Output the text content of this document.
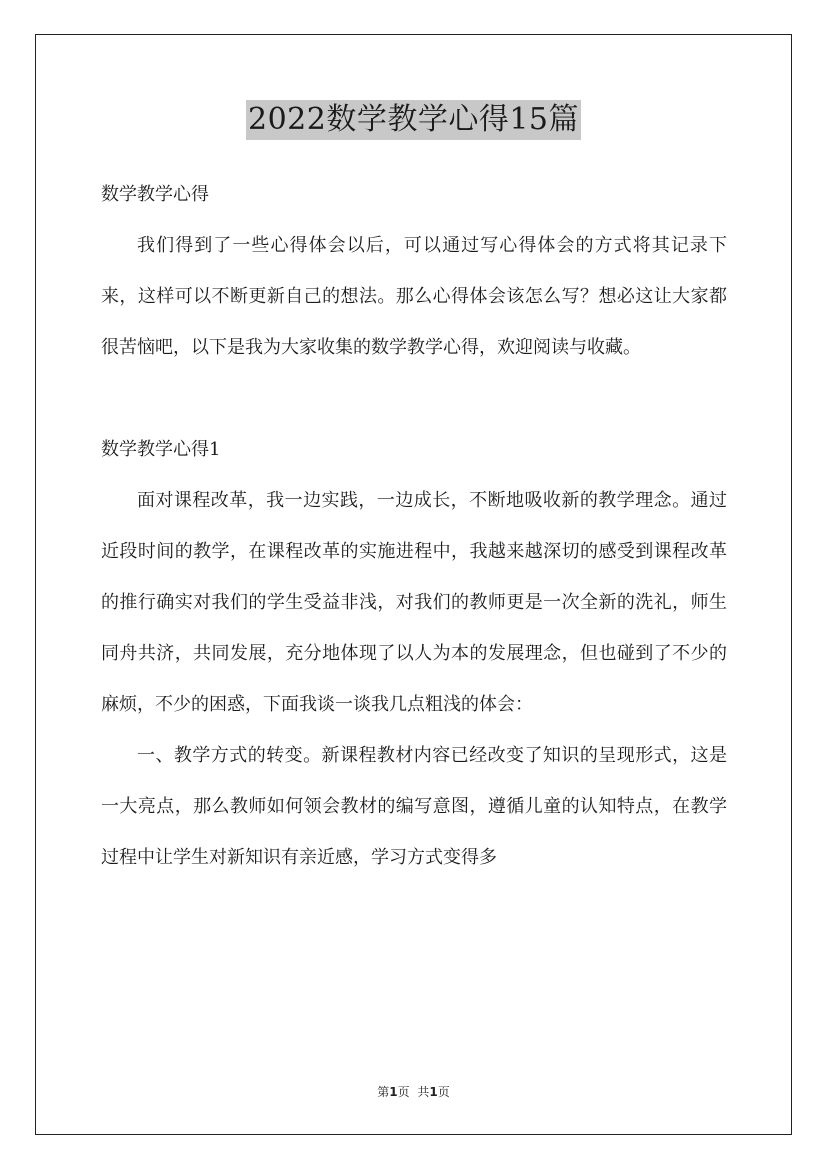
2022数学教学心得15篇

数学教学心得

我们得到了一些心得体会以后，可以通过写心得体会的方式将其记录下来，这样可以不断更新自己的想法。那么心得体会该怎么写？想必这让大家都很苦恼吧，以下是我为大家收集的数学教学心得，欢迎阅读与收藏。

数学教学心得1

面对课程改革，我一边实践，一边成长，不断地吸收新的教学理念。通过近段时间的教学，在课程改革的实施进程中，我越来越深切的感受到课程改革的推行确实对我们的学生受益非浅，对我们的教师更是一次全新的洗礼，师生同舟共济，共同发展，充分地体现了以人为本的发展理念，但也碰到了不少的麻烦，不少的困惑，下面我谈一谈我几点粗浅的体会：

一、教学方式的转变。新课程教材内容已经改变了知识的呈现形式，这是一大亮点，那么教师如何领会教材的编写意图，遵循儿童的认知特点，在教学过程中让学生对新知识有亲近感，学习方式变得多

第1页 共1页
